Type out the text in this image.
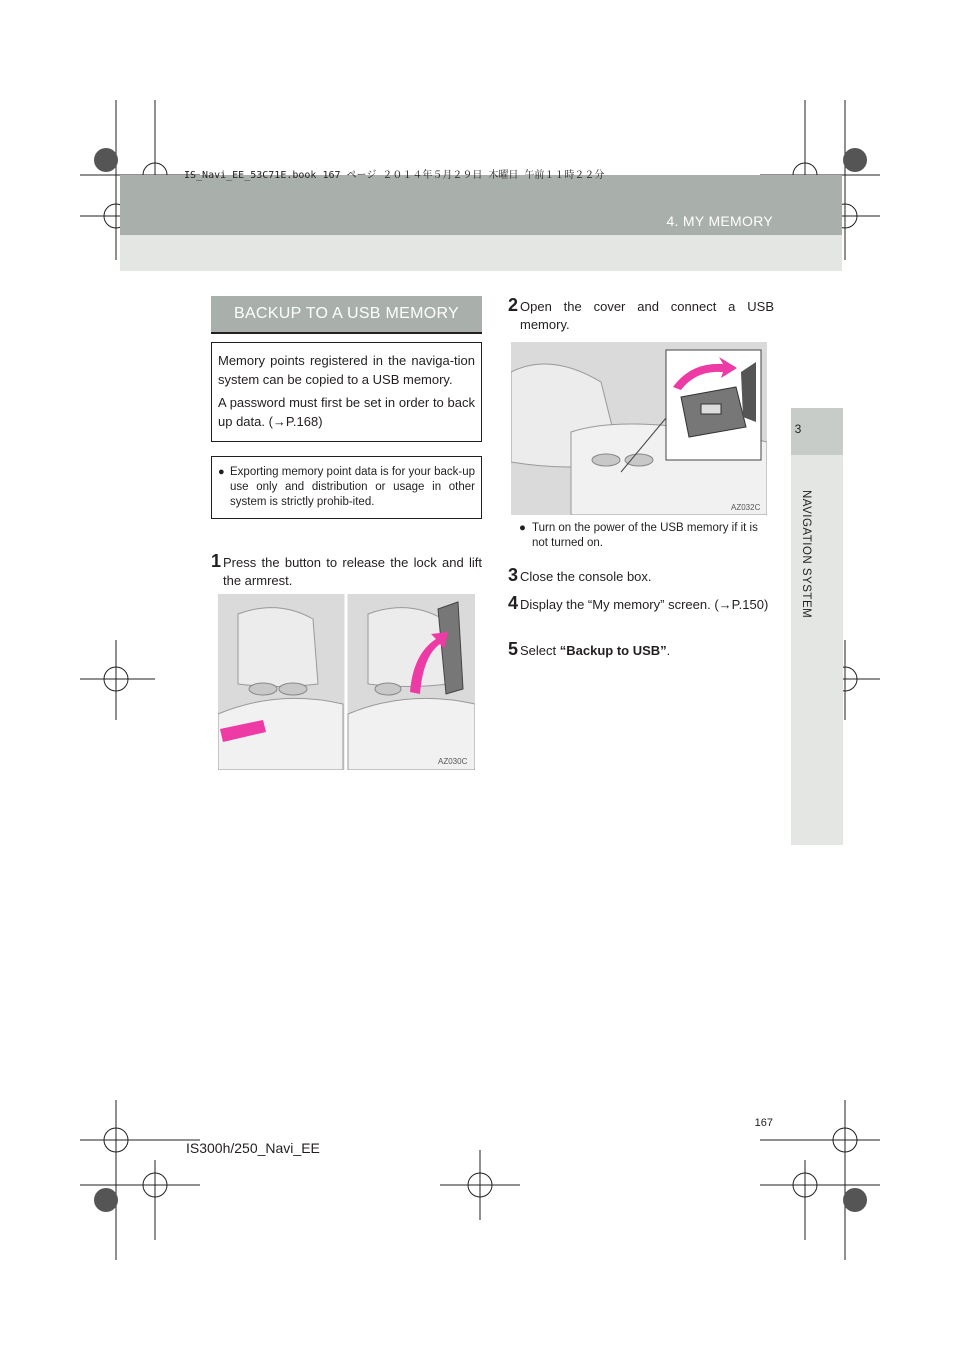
IS_Navi_EE_53C71E.book 167 ページ ２０１４年５月２９日 木曜日 午前１１時２２分
4. MY MEMORY
3
NAVIGATION SYSTEM
BACKUP TO A USB MEMORY

Memory points registered in the naviga-tion system can be copied to a USB memory.

A password must first be set in order to back up data. (→P.168)

● Exporting memory point data is for your back-up use only and distribution or usage in other system is strictly prohib-ited.
1 Press the button to release the lock and lift the armrest.
AZ030C
2 Open the cover and connect a USB memory.
AZ032C
● Turn on the power of the USB memory if it is not turned on.
3 Close the console box.
4 Display the “My memory” screen. (→P.150)
5 Select “Backup to USB”.
167
IS300h/250_Navi_EE
